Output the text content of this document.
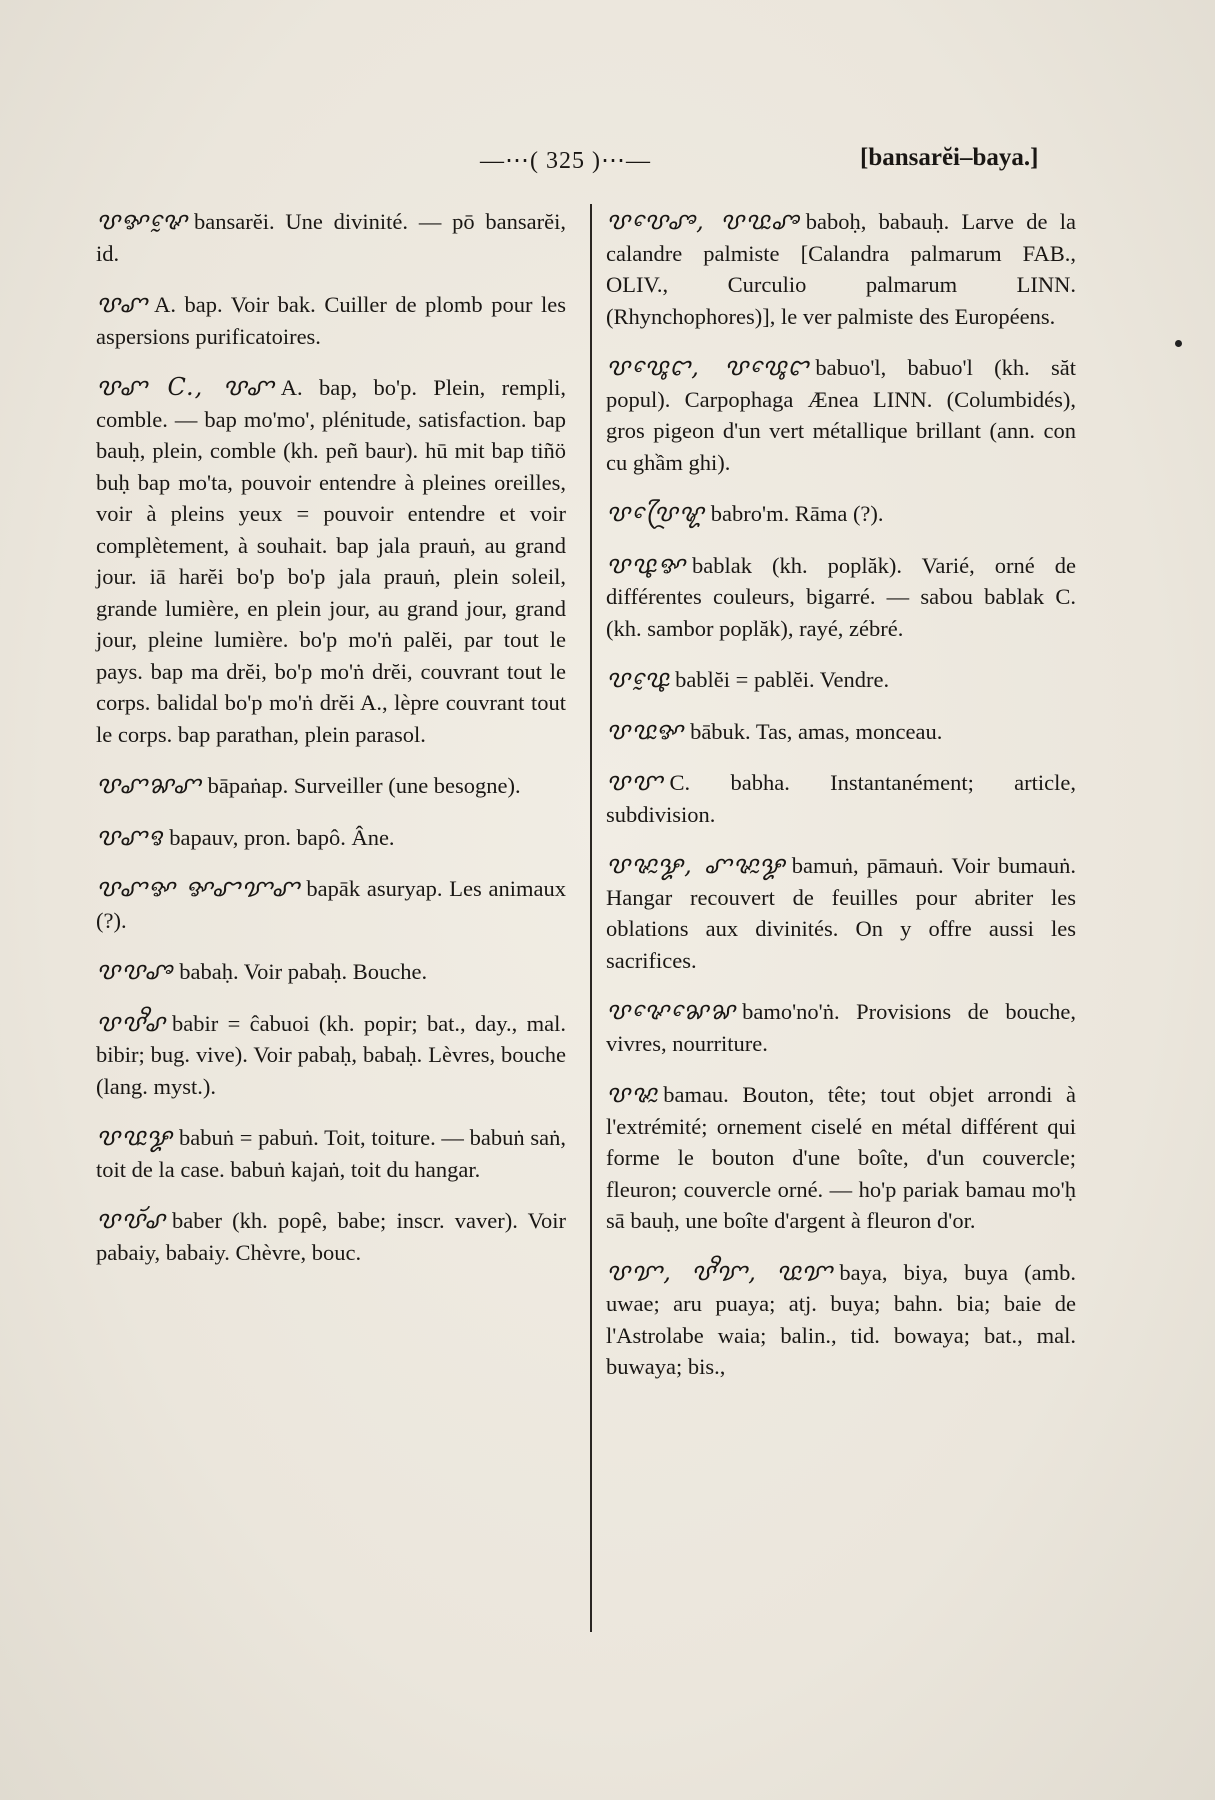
—⋯( 325 )⋯—	[bansarĕi–baya.]

ꨝꨀꨟꨰ bansarĕi. Une divinité. — pō bansarĕi, id.

ꨝꨚ A. bap. Voir bak. Cuiller de plomb pour les aspersions purificatoires.

ꨝꨚ C., ꨝꨚ A. bap, bo'p. Plein, rempli, comble. — bap mo'mo', plénitude, satisfaction. bap bauḥ, plein, comble (kh. peñ baur). hū mit bap tiñö buḥ bap mo'ta, pouvoir entendre à pleines oreilles, voir à pleins yeux = pouvoir entendre et voir complètement, à souhait. bap jala prauṅ, au grand jour. iā harĕi bo'p bo'p jala prauṅ, plein soleil, grande lumière, en plein jour, au grand jour, grand jour, pleine lumière. bo'p mo'ṅ palĕi, par tout le pays. bap ma drĕi, bo'p mo'ṅ drĕi, couvrant tout le corps. balidal bo'p mo'ṅ drĕi A., lèpre couvrant tout le corps. bap parathan, plein parasol.

ꨝꨚꨗꨚ bāpaṅap. Surveiller (une besogne).

ꨝꨚꨅ bapauv, pron. bapô. Âne.

ꨝꨚꨀ ꨀꨧꨢꨚ bapāk asuryap. Les animaux (?).

ꨝꨝꨨ babaḥ. Voir pabaḥ. Bouche.

ꨝꨝꨪꨣ babir = ĉabuoi (kh. popir; bat., day., mal. bibir; bug. vive). Voir pabaḥ, babaḥ. Lèvres, bouche (lang. myst.).

ꨝꨝꨭꨋ babuṅ = pabuṅ. Toit, toiture. — babuṅ saṅ, toit de la case. babuṅ kajaṅ, toit du hangar.

ꨝꨝꨮꨣ baber (kh. popê, babe; inscr. vaver). Voir pabaiy, babaiy. Chèvre, bouc.

ꨝꨝꨯꨨ, ꨝꨝꨭꨨ baboḥ, babauḥ. Larve de la calandre palmiste [Calandra palmarum FAB., OLIV., Curculio palmarum LINN. (Rhynchophores)], le ver palmiste des Européens.

ꨝꨝꨶꨯꨤ, ꨝꨝꨶꨯꨤ babuo'l, babuo'l (kh. săt popul). Carpophaga Ænea LINN. (Columbidés), gros pigeon d'un vert métallique brillant (ann. con cu ghầm ghi).

ꨝꨝꨴꨯꨠ babro'm. Rāma (?).

ꨝꨝꨵꨀ bablak (kh. poplăk). Varié, orné de différentes couleurs, bigarré. — sabou bablak C. (kh. sambor poplăk), rayé, zébré.

ꨝꨝꨵꨰ bablĕi = pablĕi. Vendre.

ꨝꨝꨭꨀ bābuk. Tas, amas, monceau.

ꨝꨞ C. babha. Instantanément; article, subdivision.

ꨝꨟꨭꨋ, ꨚꨟꨭꨋ bamuṅ, pāmauṅ. Voir bumauṅ. Hangar recouvert de feuilles pour abriter les oblations aux divinités. On y offre aussi les sacrifices.

ꨝꨟꨯꨗꨯꨗ bamo'no'ṅ. Provisions de bouche, vivres, nourriture.

ꨝꨟꨭ bamau. Bouton, tête; tout objet arrondi à l'extrémité; ornement ciselé en métal différent qui forme le bouton d'une boîte, d'un couvercle; fleuron; couvercle orné. — ho'p pariak bamau mo'ḥ sā bauḥ, une boîte d'argent à fleuron d'or.

ꨝꨢ, ꨝꨪꨢ, ꨝꨭꨢ baya, biya, buya (amb. uwae; aru puaya; atj. buya; bahn. bia; baie de l'Astrolabe waia; balin., tid. bowaya; bat., mal. buwaya; bis.,
